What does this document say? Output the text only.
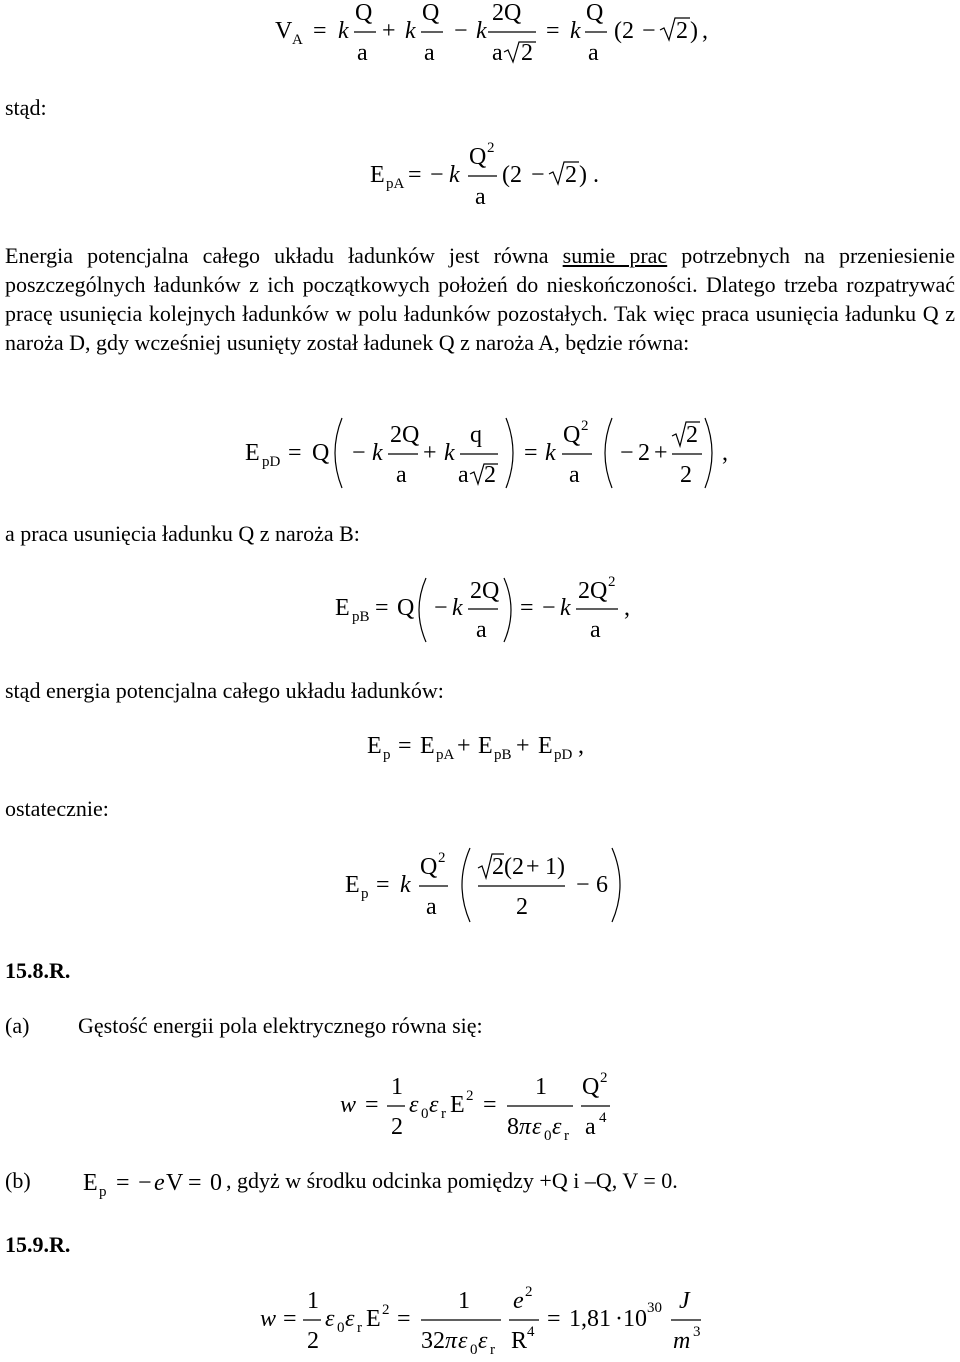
V A = k
Q
a
+ k
Q
a
− k
2Q
a 2
= k
Q
a
(2 − 2 ) ,
stąd:
E pA = − k
Q 2
a
(2 − 2 ) .
Energia potencjalna całego układu ładunków jest równa sumie prac potrzebnych na przeniesienie poszczególnych ładunków z ich początkowych położeń do nieskończoności. Dlatego trzeba rozpatrywać pracę usunięcia kolejnych ładunków w polu ładunków pozostałych. Tak więc praca usunięcia ładunku Q z naroża D, gdy wcześniej usunięty został ładunek Q z naroża A, będzie równa:
E pD = Q − k
2Q
a
+ k
q
a 2
= k
Q 2
a
− 2 +
2
2
,
a praca usunięcia ładunku Q z naroża B:
E pB = Q − k
2Q
a
= − k
2Q 2
a
,
stąd energia potencjalna całego układu ładunków:
E p = E pA + E pB + E pD ,
ostatecznie:
E p = k
Q 2
a
2 (2 + 1)
2
− 6
15.8.R.
(a) Gęstość energii pola elektrycznego równa się:
w =
1
2
ε 0 ε r E 2 =
1
8 π ε 0 ε r
Q 2
a 4
(b) E p = − e V = 0 , gdyż w środku odcinka pomiędzy +Q i –Q, V = 0.
15.9.R.
w =
1
2
ε 0 ε r E 2 =
1
32 π ε 0 ε r
e 2
R 4 = 1,81 · 10 30 J
m 3
